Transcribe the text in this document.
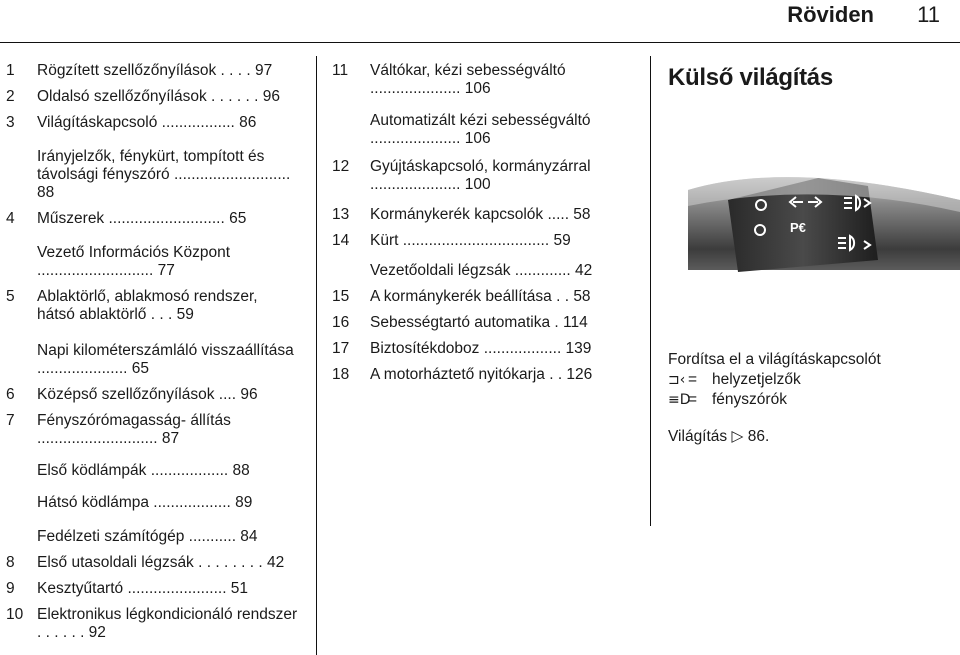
Röviden 11
1	Rögzített szellőzőnyílások . . . . 97
2	Oldalsó szellőzőnyílások . . . . . . 96
3	Világításkapcsoló ................. 86
Irányjelzők, fénykürt, tompított és távolsági fényszóró ........................... 88
4	Műszerek ........................... 65
Vezető Információs Központ ........................... 77
5	Ablaktörlő, ablakmosó rendszer, hátsó ablaktörlő . . . 59
Napi kilométerszámláló visszaállítása ..................... 65
6	Középső szellőzőnyílások .... 96
7	Fényszórómagasság- állítás ............................ 87
Első ködlámpák .................. 88
Hátsó ködlámpa .................. 89
Fedélzeti számítógép ........... 84
8	Első utasoldali légzsák . . . . . . . . 42
9	Kesztyűtartó ....................... 51
10 Elektronikus légkondicionáló rendszer . . . . . . 92
11	Váltókar, kézi sebességváltó ..................... 106
Automatizált kézi sebességváltó ..................... 106
12	Gyújtáskapcsoló, kormányzárral ..................... 100
13	Kormánykerék kapcsolók ..... 58
14	Kürt .................................. 59
Vezetőoldali légzsák ............. 42
15	A kormánykerék beállítása . . 58
16	Sebességtartó automatika . 114
17	Biztosítékdoboz .................. 139
18	A motorháztető nyitókarja . . 126
Külső világítás
P€
Fordítsa el a világításkapcsolót
⊐‹ = helyzetjelzők
≡D= fényszórók
Világítás ▷ 86.
